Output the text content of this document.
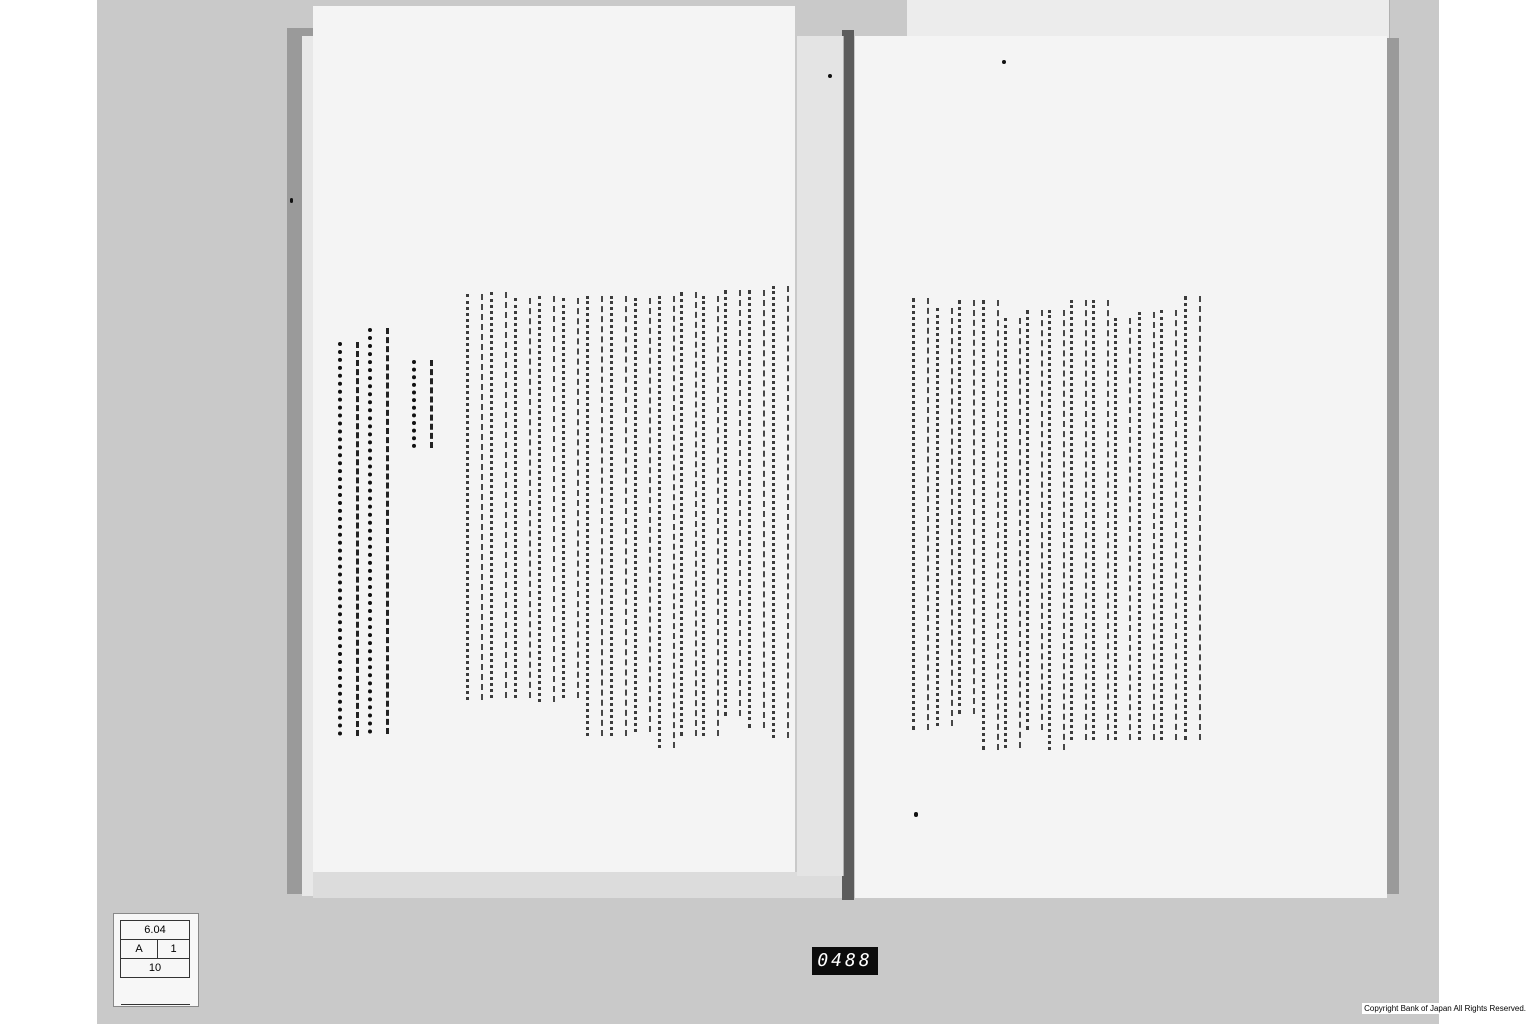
6.04
A	1
10	0488
Copyright Bank of Japan All Rights Reserved.
